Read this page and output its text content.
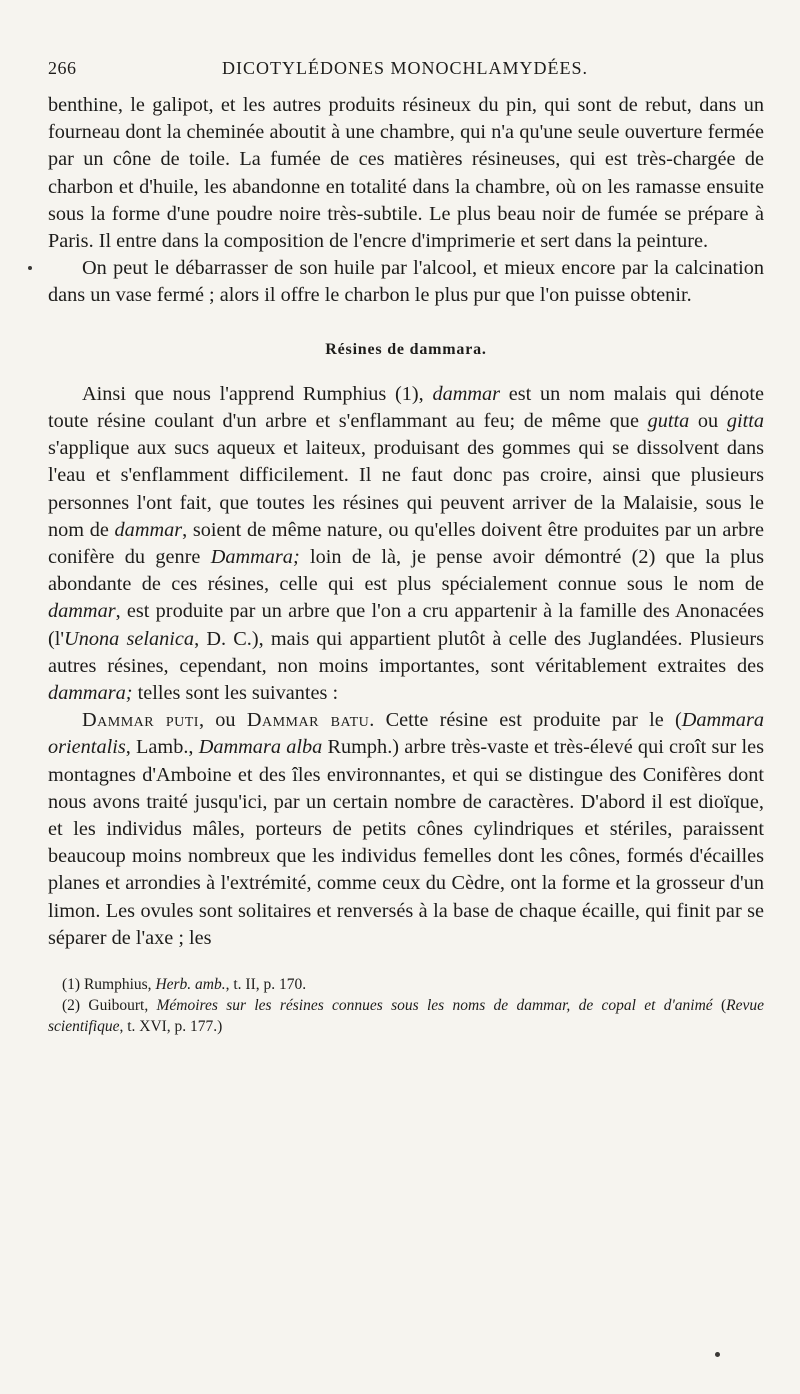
266	DICOTYLÉDONES MONOCHLAMYDÉES.

benthine, le galipot, et les autres produits résineux du pin, qui sont de rebut, dans un fourneau dont la cheminée aboutit à une chambre, qui n'a qu'une seule ouverture fermée par un cône de toile. La fumée de ces matières résineuses, qui est très-chargée de charbon et d'huile, les abandonne en totalité dans la chambre, où on les ramasse ensuite sous la forme d'une poudre noire très-subtile. Le plus beau noir de fumée se prépare à Paris. Il entre dans la composition de l'encre d'imprimerie et sert dans la peinture.

On peut le débarrasser de son huile par l'alcool, et mieux encore par la calcination dans un vase fermé ; alors il offre le charbon le plus pur que l'on puisse obtenir.

Résines de dammara.

Ainsi que nous l'apprend Rumphius (1), dammar est un nom malais qui dénote toute résine coulant d'un arbre et s'enflammant au feu; de même que gutta ou gitta s'applique aux sucs aqueux et laiteux, produisant des gommes qui se dissolvent dans l'eau et s'enflamment difficilement. Il ne faut donc pas croire, ainsi que plusieurs personnes l'ont fait, que toutes les résines qui peuvent arriver de la Malaisie, sous le nom de dammar, soient de même nature, ou qu'elles doivent être produites par un arbre conifère du genre Dammara; loin de là, je pense avoir démontré (2) que la plus abondante de ces résines, celle qui est plus spécialement connue sous le nom de dammar, est produite par un arbre que l'on a cru appartenir à la famille des Anonacées (l'Unona selanica, D. C.), mais qui appartient plutôt à celle des Juglandées. Plusieurs autres résines, cependant, non moins importantes, sont véritablement extraites des dammara; telles sont les suivantes :

Dammar puti, ou Dammar batu. Cette résine est produite par le (Dammara orientalis, Lamb., Dammara alba Rumph.) arbre très-vaste et très-élevé qui croît sur les montagnes d'Amboine et des îles environnantes, et qui se distingue des Conifères dont nous avons traité jusqu'ici, par un certain nombre de caractères. D'abord il est dioïque, et les individus mâles, porteurs de petits cônes cylindriques et stériles, paraissent beaucoup moins nombreux que les individus femelles dont les cônes, formés d'écailles planes et arrondies à l'extrémité, comme ceux du Cèdre, ont la forme et la grosseur d'un limon. Les ovules sont solitaires et renversés à la base de chaque écaille, qui finit par se séparer de l'axe ; les

(1) Rumphius, Herb. amb., t. II, p. 170.

(2) Guibourt, Mémoires sur les résines connues sous les noms de dammar, de copal et d'animé (Revue scientifique, t. XVI, p. 177.)
